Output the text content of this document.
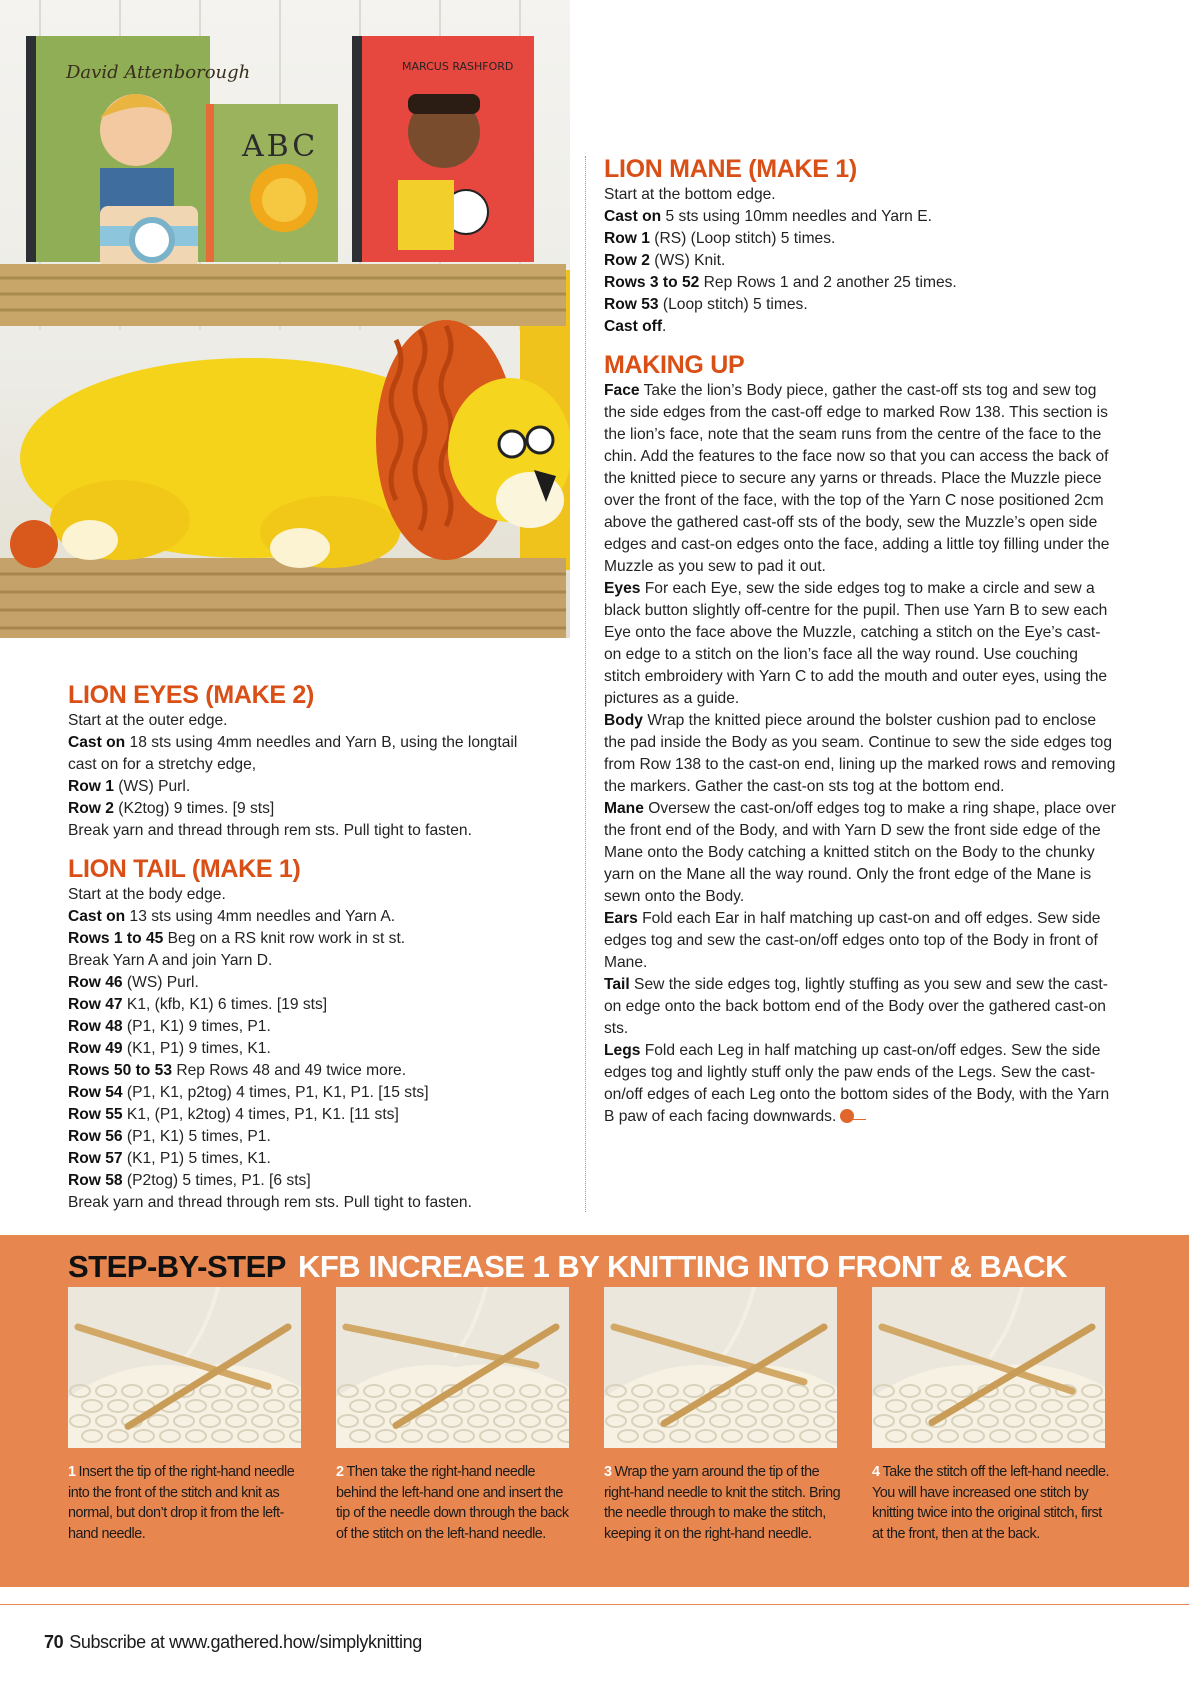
David Attenborough
ABC
MARCUS RASHFORD
LION EYES (MAKE 2)
Start at the outer edge.
Cast on 18 sts using 4mm needles and Yarn B, using the longtail
cast on for a stretchy edge,
Row 1 (WS) Purl.
Row 2 (K2tog) 9 times. [9 sts]
Break yarn and thread through rem sts. Pull tight to fasten.
LION TAIL (MAKE 1)
Start at the body edge.
Cast on 13 sts using 4mm needles and Yarn A.
Rows 1 to 45 Beg on a RS knit row work in st st.
Break Yarn A and join Yarn D.
Row 46 (WS) Purl.
Row 47 K1, (kfb, K1) 6 times. [19 sts]
Row 48 (P1, K1) 9 times, P1.
Row 49 (K1, P1) 9 times, K1.
Rows 50 to 53 Rep Rows 48 and 49 twice more.
Row 54 (P1, K1, p2tog) 4 times, P1, K1, P1. [15 sts]
Row 55 K1, (P1, k2tog) 4 times, P1, K1. [11 sts]
Row 56 (P1, K1) 5 times, P1.
Row 57 (K1, P1) 5 times, K1.
Row 58 (P2tog) 5 times, P1. [6 sts]
Break yarn and thread through rem sts. Pull tight to fasten.
LION MANE (MAKE 1)
Start at the bottom edge.
Cast on 5 sts using 10mm needles and Yarn E.
Row 1 (RS) (Loop stitch) 5 times.
Row 2 (WS) Knit.
Rows 3 to 52 Rep Rows 1 and 2 another 25 times.
Row 53 (Loop stitch) 5 times.
Cast off.
MAKING UP

Face Take the lion’s Body piece, gather the cast-off sts tog and sew tog the side edges from the cast-off edge to marked Row 138. This section is the lion’s face, note that the seam runs from the centre of the face to the chin. Add the features to the face now so that you can access the back of the knitted piece to secure any yarns or threads. Place the Muzzle piece over the front of the face, with the top of the Yarn C nose positioned 2cm above the gathered cast-off sts of the body, sew the Muzzle’s open side edges and cast-on edges onto the face, adding a little toy filling under the Muzzle as you sew to pad it out.

Eyes For each Eye, sew the side edges tog to make a circle and sew a black button slightly off-centre for the pupil. Then use Yarn B to sew each Eye onto the face above the Muzzle, catching a stitch on the Eye’s cast-on edge to a stitch on the lion’s face all the way round. Use couching stitch embroidery with Yarn C to add the mouth and outer eyes, using the pictures as a guide.

Body Wrap the knitted piece around the bolster cushion pad to enclose the pad inside the Body as you seam. Continue to sew the side edges tog from Row 138 to the cast-on end, lining up the marked rows and removing the markers. Gather the cast-on sts tog at the bottom end.

Mane Oversew the cast-on/off edges tog to make a ring shape, place over the front end of the Body, and with Yarn D sew the front side edge of the Mane onto the Body catching a knitted stitch on the Body to the chunky yarn on the Mane all the way round. Only the front edge of the Mane is sewn onto the Body.

Ears Fold each Ear in half matching up cast-on and off edges. Sew side edges tog and sew the cast-on/off edges onto top of the Body in front of Mane.

Tail Sew the side edges tog, lightly stuffing as you sew and sew the cast-on edge onto the back bottom end of the Body over the gathered cast-on sts.

Legs Fold each Leg in half matching up cast-on/off edges. Sew the side edges tog and lightly stuff only the paw ends of the Legs. Sew the cast-on/off edges of each Leg onto the bottom sides of the Body, with the Yarn B paw of each facing downwards.

STEP-BY-STEP KFB INCREASE 1 BY KNITTING INTO FRONT & BACK
1 Insert the tip of the right-hand needle into the front of the stitch and knit as normal, but don’t drop it from the left-hand needle.
2 Then take the right-hand needle behind the left-hand one and insert the tip of the needle down through the back of the stitch on the left-hand needle.
3 Wrap the yarn around the tip of the right-hand needle to knit the stitch. Bring the needle through to make the stitch, keeping it on the right-hand needle.
4 Take the stitch off the left-hand needle. You will have increased one stitch by knitting twice into the original stitch, first at the front, then at the back.
70 Subscribe at www.gathered.how/simplyknitting
